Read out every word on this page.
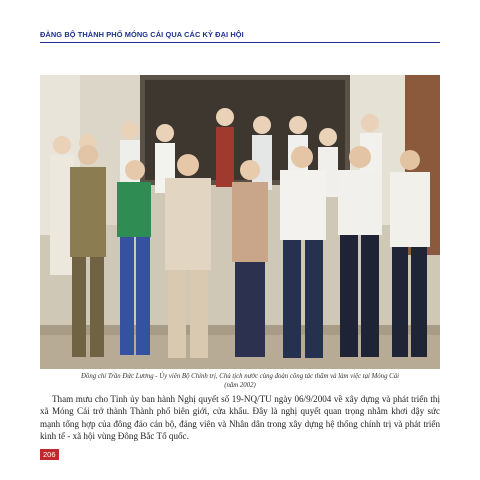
ĐẢNG BỘ THÀNH PHỐ MÓNG CÁI QUA CÁC KỲ ĐẠI HỘI
Đồng chí Trần Đức Lương - Ủy viên Bộ Chính trị, Chủ tịch nước cùng đoàn công tác thăm và làm việc tại Móng Cái
(năm 2002)

Tham mưu cho Tỉnh ủy ban hành Nghị quyết số 19-NQ/TU ngày 06/9/2004 về xây dựng và phát triển thị xã Móng Cái trở thành Thành phố biên giới, cửa khẩu. Đây là nghị quyết quan trọng nhằm khơi dậy sức mạnh tổng hợp của đông đảo cán bộ, đảng viên và Nhân dân trong xây dựng hệ thống chính trị và phát triển kinh tế - xã hội vùng Đông Bắc Tổ quốc.

206
